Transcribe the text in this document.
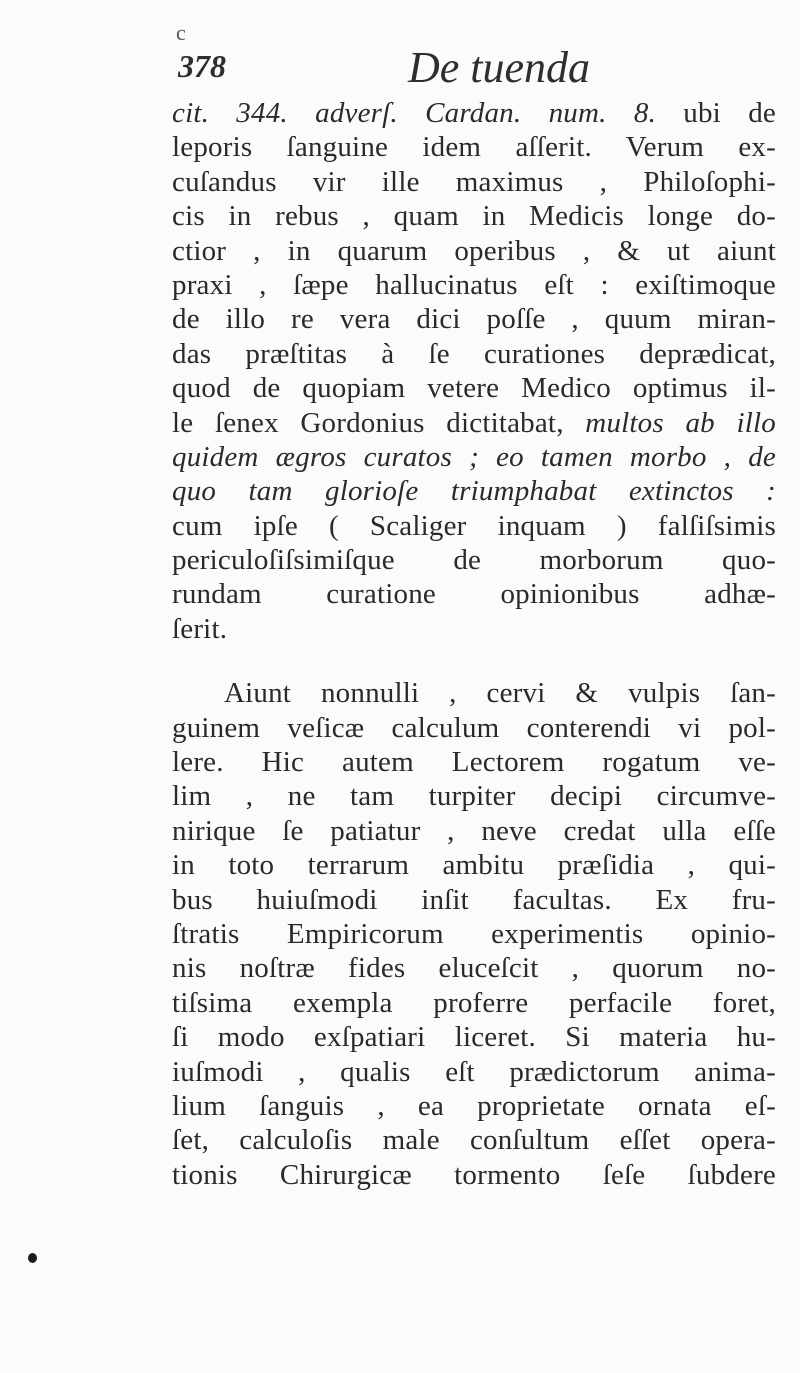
c
378	De tuenda
cit. 344. adverſ. Cardan. num. 8. ubi de
leporis ſanguine idem aſſerit. Verum ex-
cuſandus vir ille maximus , Philoſophi-
cis in rebus , quam in Medicis longe do-
ctior , in quarum operibus , & ut aiunt
praxi , ſæpe hallucinatus eſt : exiſtimoque
de illo re vera dici poſſe , quum miran-
das præſtitas à ſe curationes deprædicat,
quod de quopiam vetere Medico optimus il-
le ſenex Gordonius dictitabat, multos ab illo
quidem ægros curatos ; eo tamen morbo , de
quo tam glorioſe triumphabat extinctos :
cum ipſe ( Scaliger inquam ) falſiſsimis
periculoſiſsimiſque de morborum quo-
rundam curatione opinionibus adhæ-
ſerit.
Aiunt nonnulli , cervi & vulpis ſan-
guinem veſicæ calculum conterendi vi pol-
lere. Hic autem Lectorem rogatum ve-
lim , ne tam turpiter decipi circumve-
nirique ſe patiatur , neve credat ulla eſſe
in toto terrarum ambitu præſidia , qui-
bus huiuſmodi inſit facultas. Ex fru-
ſtratis Empiricorum experimentis opinio-
nis noſtræ fides eluceſcit , quorum no-
tiſsima exempla proferre perfacile foret,
ſi modo exſpatiari liceret. Si materia hu-
iuſmodi , qualis eſt prædictorum anima-
lium ſanguis , ea proprietate ornata eſ-
ſet, calculoſis male conſultum eſſet opera-
tionis Chirurgicæ tormento ſeſe ſubdere
